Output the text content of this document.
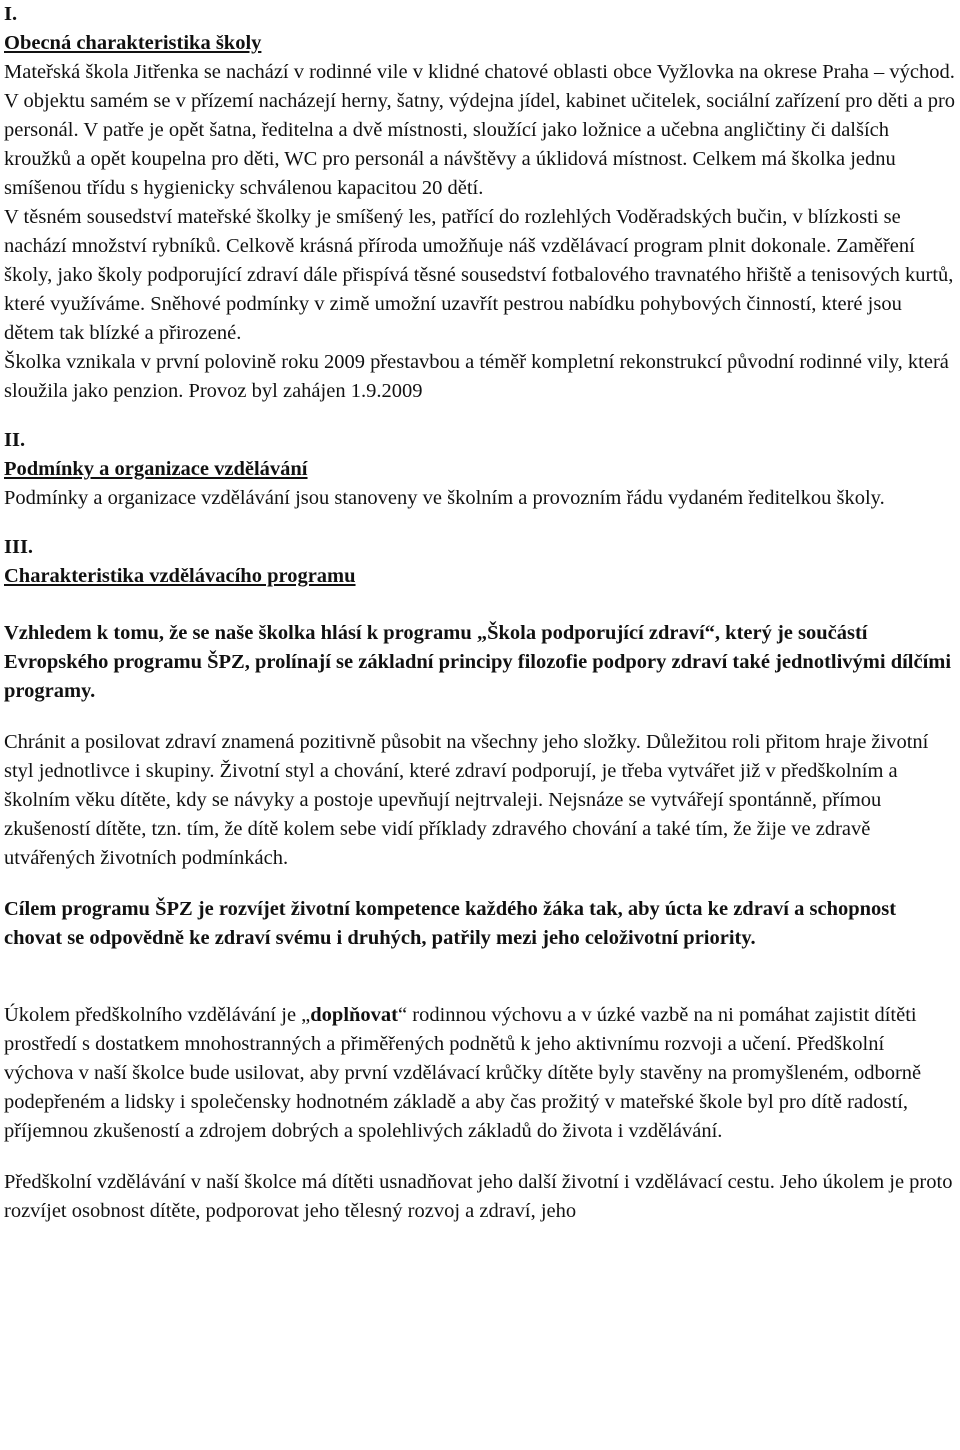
I.
Obecná charakteristika školy

Mateřská škola Jitřenka se nachází v rodinné vile v klidné chatové oblasti obce Vyžlovka na okrese Praha – východ. V objektu samém se v přízemí nacházejí herny, šatny, výdejna jídel, kabinet učitelek, sociální zařízení pro děti a pro personál. V patře je opět šatna, ředitelna a dvě místnosti, sloužící jako ložnice a učebna angličtiny či dalších kroužků a opět koupelna pro děti, WC pro personál a návštěvy a úklidová místnost. Celkem má školka jednu smíšenou třídu s hygienicky schválenou kapacitou 20 dětí.

V těsném sousedství mateřské školky je smíšený les, patřící do rozlehlých Voděradských bučin, v blízkosti se nachází množství rybníků. Celkově krásná příroda umožňuje náš vzdělávací program plnit dokonale. Zaměření školy, jako školy podporující zdraví dále přispívá těsné sousedství fotbalového travnatého hřiště a tenisových kurtů, které využíváme. Sněhové podmínky v zimě umožní uzavřít pestrou nabídku pohybových činností, které jsou dětem tak blízké a přirozené.

Školka vznikala v první polovině roku 2009 přestavbou a téměř kompletní rekonstrukcí původní rodinné vily, která sloužila jako penzion. Provoz byl zahájen 1.9.2009

II.
Podmínky a organizace vzdělávání

Podmínky a organizace vzdělávání jsou stanoveny ve školním a provozním řádu vydaném ředitelkou školy.

III.
Charakteristika vzdělávacího programu

Vzhledem k tomu, že se naše školka hlásí k programu „Škola podporující zdraví“, který je součástí Evropského programu ŠPZ, prolínají se základní principy filozofie podpory zdraví také jednotlivými dílčími programy.

Chránit a posilovat zdraví znamená pozitivně působit na všechny jeho složky. Důležitou roli přitom hraje životní styl jednotlivce i skupiny. Životní styl a chování, které zdraví podporují, je třeba vytvářet již v předškolním a školním věku dítěte, kdy se návyky a postoje upevňují nejtrvaleji. Nejsnáze se vytvářejí spontánně, přímou zkušeností dítěte, tzn. tím, že dítě kolem sebe vidí příklady zdravého chování a také tím, že žije ve zdravě utvářených životních podmínkách.

Cílem programu ŠPZ je rozvíjet životní kompetence každého žáka tak, aby úcta ke zdraví a schopnost chovat se odpovědně ke zdraví svému i druhých, patřily mezi jeho celoživotní priority.

Úkolem předškolního vzdělávání je „doplňovat“ rodinnou výchovu a v úzké vazbě na ni pomáhat zajistit dítěti prostředí s dostatkem mnohostranných a přiměřených podnětů k jeho aktivnímu rozvoji a učení. Předškolní výchova v naší školce bude usilovat, aby první vzdělávací krůčky dítěte byly stavěny na promyšleném, odborně podepřeném a lidsky i společensky hodnotném základě a aby čas prožitý v mateřské škole byl pro dítě radostí, příjemnou zkušeností a zdrojem dobrých a spolehlivých základů do života i vzdělávání.

Předškolní vzdělávání v naší školce má dítěti usnadňovat jeho další životní i vzdělávací cestu. Jeho úkolem je proto rozvíjet osobnost dítěte, podporovat jeho tělesný rozvoj a zdraví, jeho
